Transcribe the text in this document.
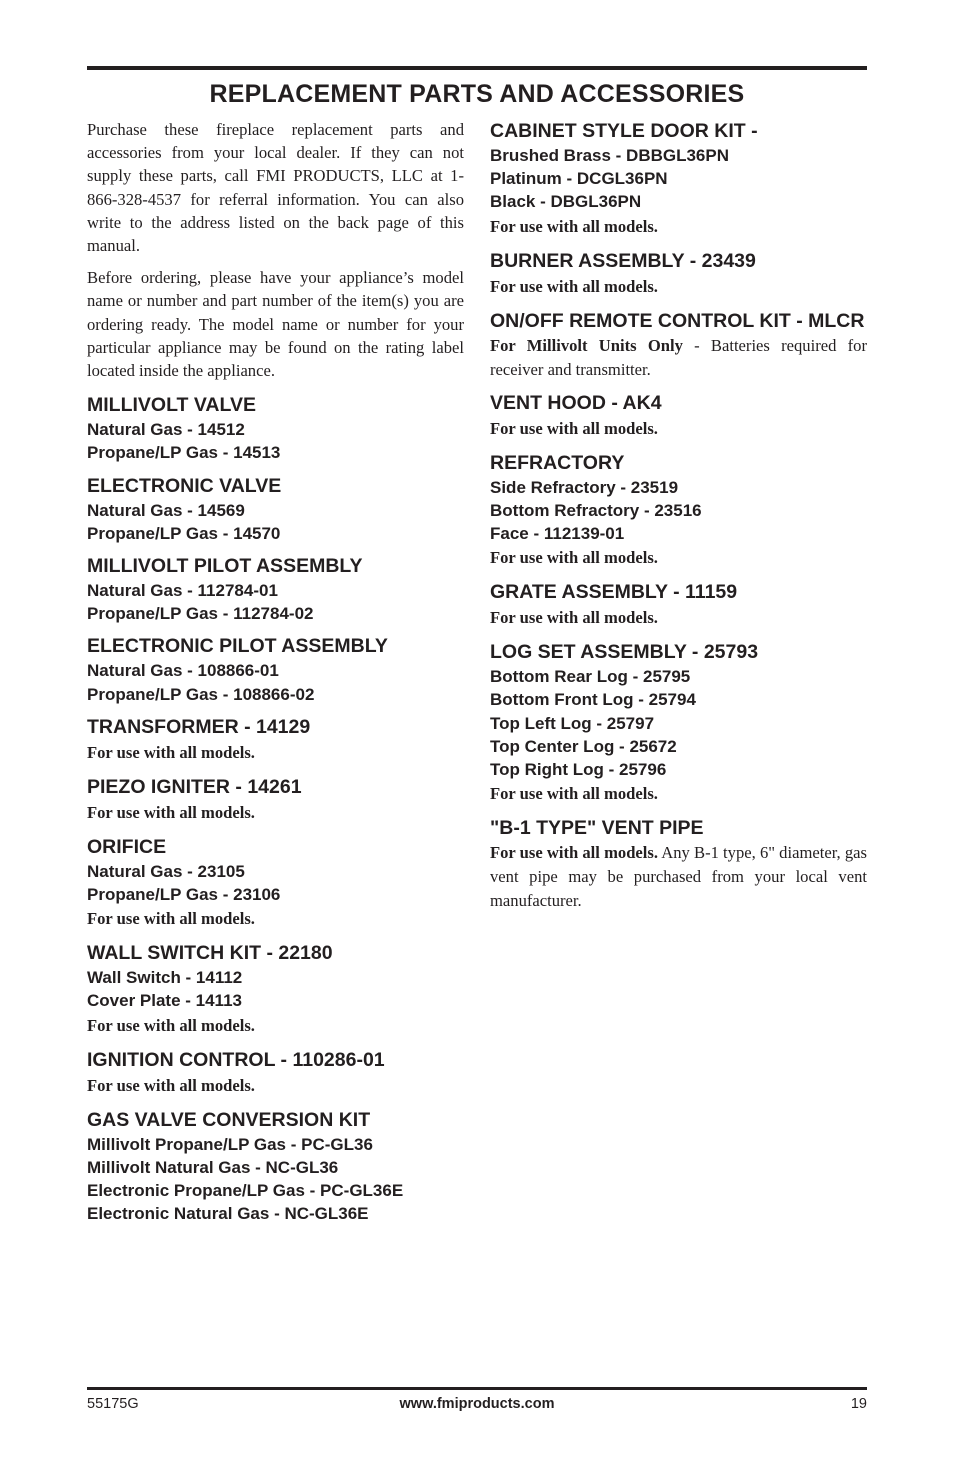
REPLACEMENT PARTS AND ACCESSORIES

Purchase these fireplace replacement parts and accessories from your local dealer. If they can not supply these parts, call FMI PRODUCTS, LLC at 1-866-328-4537 for referral information. You can also write to the address listed on the back page of this manual.

Before ordering, please have your appliance’s model name or number and part number of the item(s) you are ordering ready. The model name or number for your particular appliance may be found on the rating label located inside the appliance.

MILLIVOLT VALVE
Natural Gas - 14512
Propane/LP Gas - 14513
ELECTRONIC VALVE
Natural Gas - 14569
Propane/LP Gas - 14570
MILLIVOLT PILOT ASSEMBLY
Natural Gas - 112784-01
Propane/LP Gas - 112784-02
ELECTRONIC PILOT ASSEMBLY
Natural Gas - 108866-01
Propane/LP Gas - 108866-02
TRANSFORMER - 14129
For use with all models.
PIEZO IGNITER - 14261
For use with all models.
ORIFICE
Natural Gas - 23105
Propane/LP Gas - 23106
For use with all models.
WALL SWITCH KIT - 22180
Wall Switch - 14112
Cover Plate - 14113
For use with all models.
IGNITION CONTROL - 110286-01
For use with all models.
GAS VALVE CONVERSION KIT
Millivolt Propane/LP Gas - PC-GL36
Millivolt Natural Gas - NC-GL36
Electronic Propane/LP Gas - PC-GL36E
Electronic Natural Gas - NC-GL36E
CABINET STYLE DOOR KIT -
Brushed Brass - DBBGL36PN
Platinum - DCGL36PN
Black - DBGL36PN
For use with all models.
BURNER ASSEMBLY - 23439
For use with all models.
ON/OFF REMOTE CONTROL KIT - MLCR
For Millivolt Units Only - Batteries required for receiver and transmitter.
VENT HOOD - AK4
For use with all models.
REFRACTORY
Side Refractory - 23519
Bottom Refractory - 23516
Face - 112139-01
For use with all models.
GRATE ASSEMBLY - 11159
For use with all models.
LOG SET ASSEMBLY - 25793
Bottom Rear Log - 25795
Bottom Front Log - 25794
Top Left Log - 25797
Top Center Log - 25672
Top Right Log - 25796
For use with all models.
"B-1 TYPE" VENT PIPE
For use with all models. Any B-1 type, 6" diameter, gas vent pipe may be purchased from your local vent manufacturer.
55175G	www.fmiproducts.com	19
